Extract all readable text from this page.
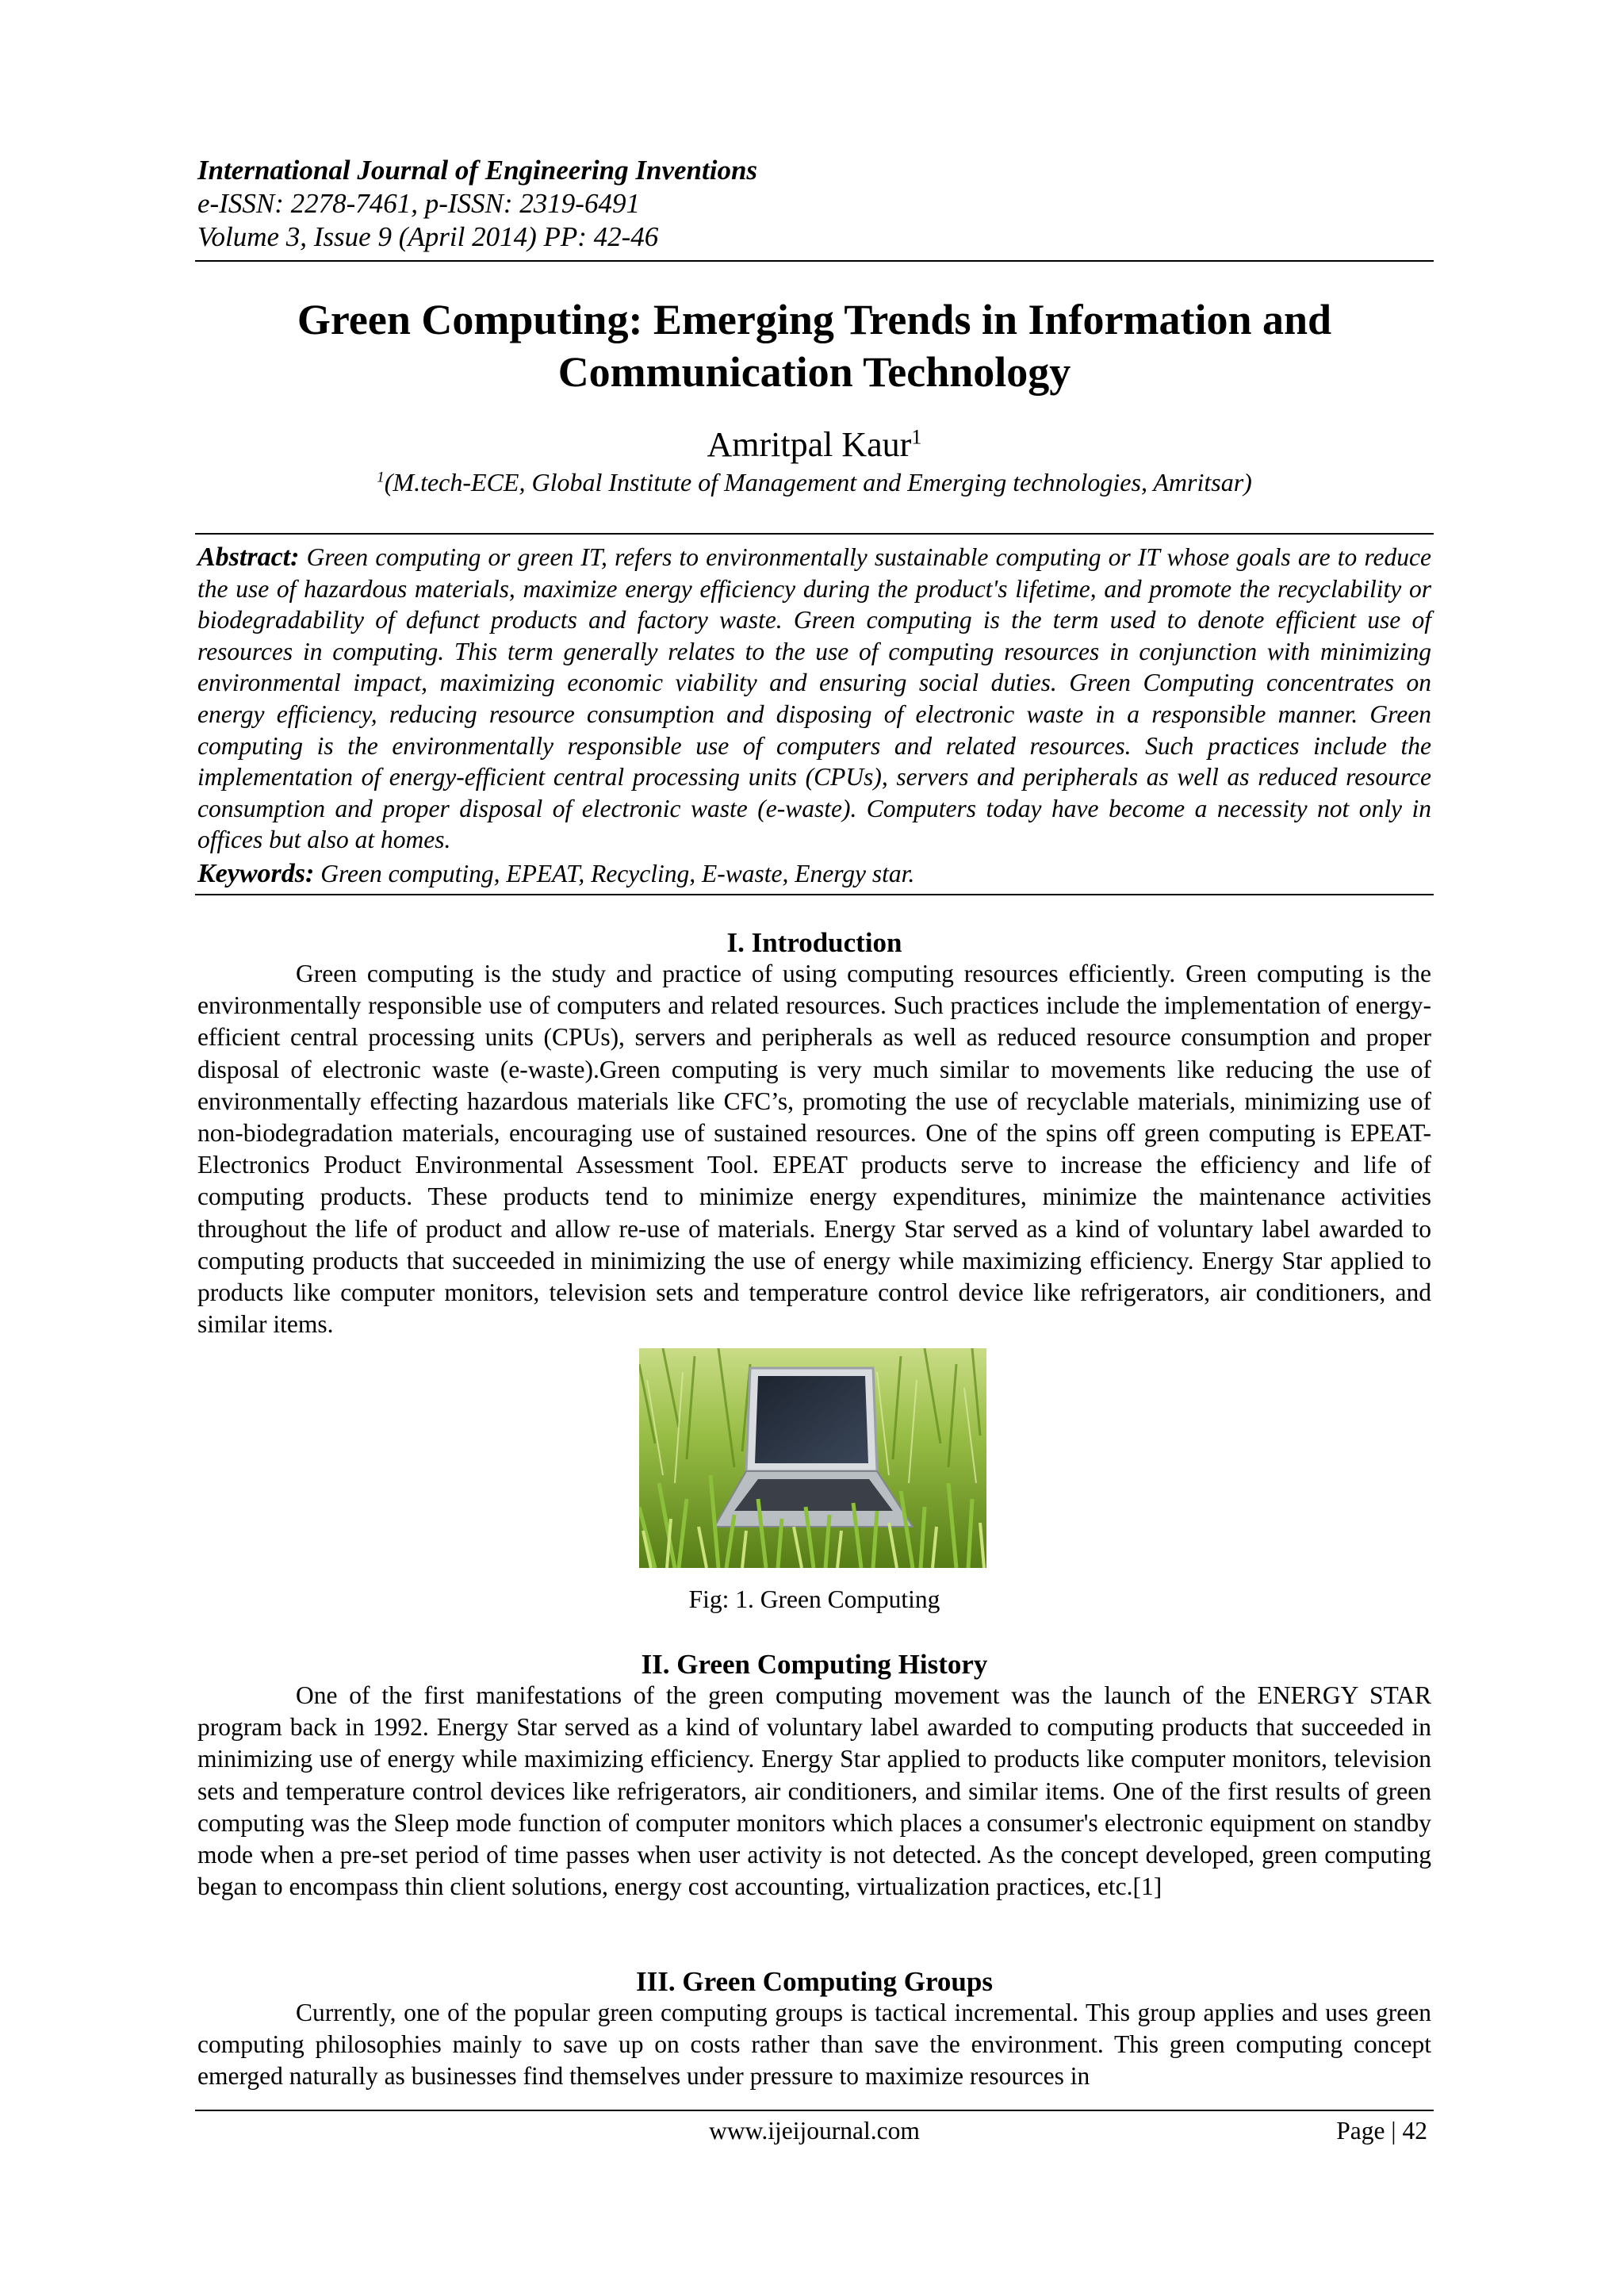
International Journal of Engineering Inventions
e-ISSN: 2278-7461, p-ISSN: 2319-6491
Volume 3, Issue 9 (April 2014) PP: 42-46
Green Computing: Emerging Trends in Information and
Communication Technology
Amritpal Kaur$^1$
$^1$(M.tech-ECE, Global Institute of Management and Emerging technologies, Amritsar)
Abstract: Green computing or green IT, refers to environmentally sustainable computing or IT whose goals are to reduce the use of hazardous materials, maximize energy efficiency during the product's lifetime, and promote the recyclability or biodegradability of defunct products and factory waste. Green computing is the term used to denote efficient use of resources in computing. This term generally relates to the use of computing resources in conjunction with minimizing environmental impact, maximizing economic viability and ensuring social duties. Green Computing concentrates on energy efficiency, reducing resource consumption and disposing of electronic waste in a responsible manner. Green computing is the environmentally responsible use of computers and related resources. Such practices include the implementation of energy-efficient central processing units (CPUs), servers and peripherals as well as reduced resource consumption and proper disposal of electronic waste (e-waste). Computers today have become a necessity not only in offices but also at homes.
Keywords: Green computing, EPEAT, Recycling, E-waste, Energy star.
I. Introduction
Green computing is the study and practice of using computing resources efficiently. Green computing is the environmentally responsible use of computers and related resources. Such practices include the implementation of energy-efficient central processing units (CPUs), servers and peripherals as well as reduced resource consumption and proper disposal of electronic waste (e-waste).Green computing is very much similar to movements like reducing the use of environmentally effecting hazardous materials like CFC’s, promoting the use of recyclable materials, minimizing use of non-biodegradation materials, encouraging use of sustained resources. One of the spins off green computing is EPEAT-Electronics Product Environmental Assessment Tool. EPEAT products serve to increase the efficiency and life of computing products. These products tend to minimize energy expenditures, minimize the maintenance activities throughout the life of product and allow re-use of materials. Energy Star served as a kind of voluntary label awarded to computing products that succeeded in minimizing the use of energy while maximizing efficiency. Energy Star applied to products like computer monitors, television sets and temperature control device like refrigerators, air conditioners, and similar items.
Fig: 1. Green Computing
II. Green Computing History
One of the first manifestations of the green computing movement was the launch of the ENERGY STAR program back in 1992. Energy Star served as a kind of voluntary label awarded to computing products that succeeded in minimizing use of energy while maximizing efficiency. Energy Star applied to products like computer monitors, television sets and temperature control devices like refrigerators, air conditioners, and similar items. One of the first results of green computing was the Sleep mode function of computer monitors which places a consumer's electronic equipment on standby mode when a pre-set period of time passes when user activity is not detected. As the concept developed, green computing began to encompass thin client solutions, energy cost accounting, virtualization practices, etc.[1]
III. Green Computing Groups
Currently, one of the popular green computing groups is tactical incremental. This group applies and uses green computing philosophies mainly to save up on costs rather than save the environment. This green computing concept emerged naturally as businesses find themselves under pressure to maximize resources in
www.ijeijournal.com	Page | 42
